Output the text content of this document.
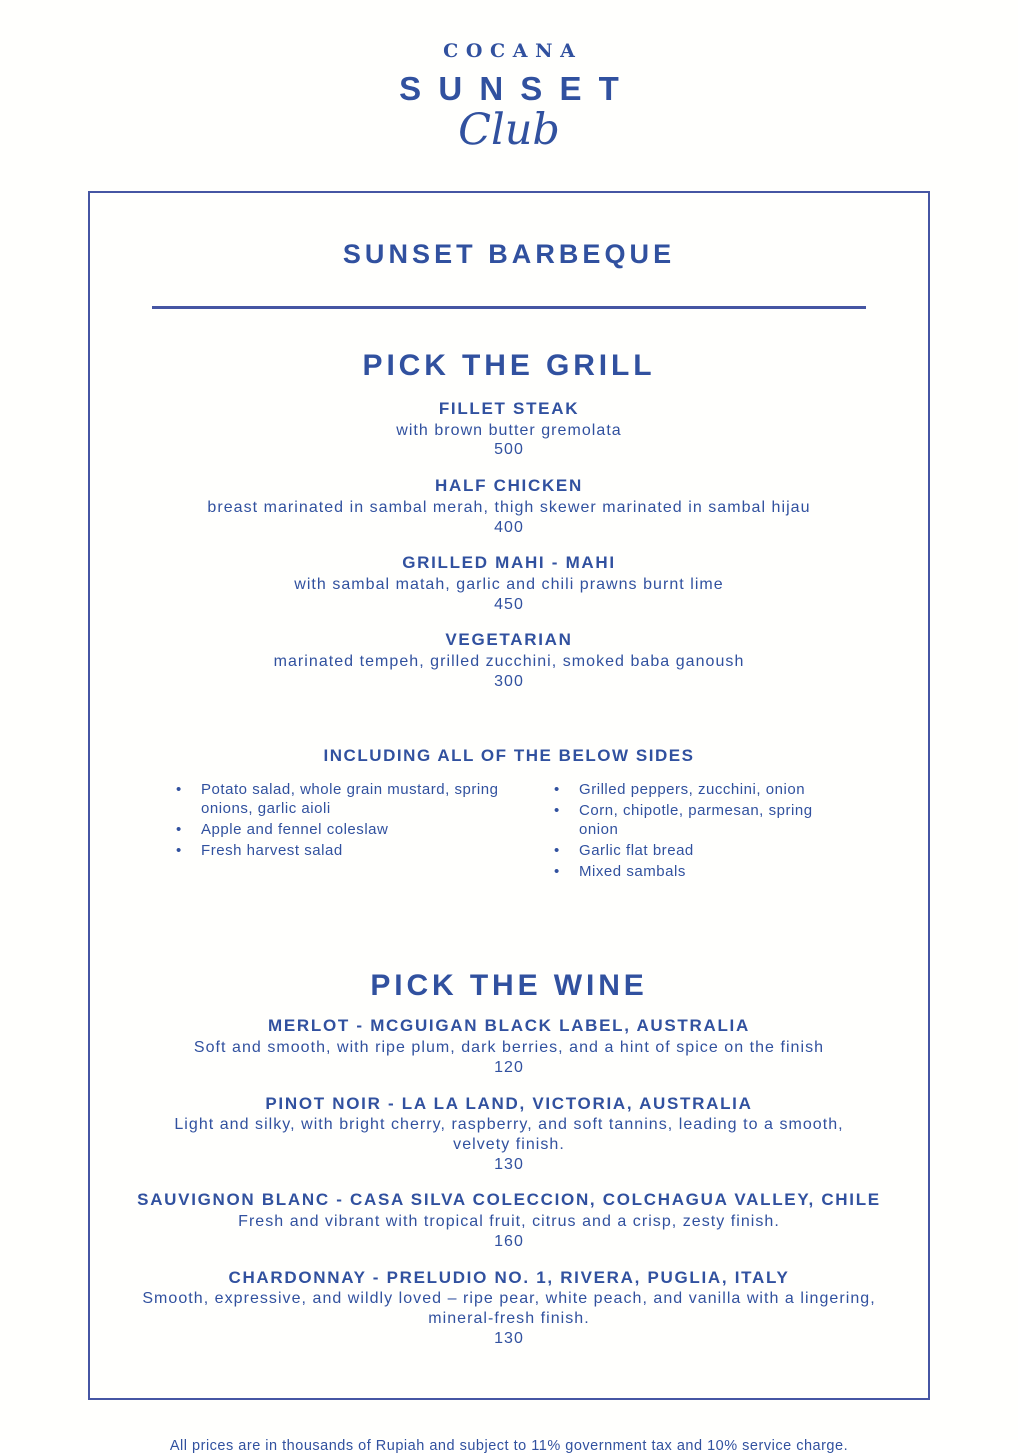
COCANA
SUNSET
Club
SUNSET BARBEQUE
PICK THE GRILL
FILLET STEAK
with brown butter gremolata
500
HALF CHICKEN
breast marinated in sambal merah, thigh skewer marinated in sambal hijau
400
GRILLED MAHI - MAHI
with sambal matah, garlic and chili prawns burnt lime
450
VEGETARIAN
marinated tempeh, grilled zucchini, smoked baba ganoush
300
INCLUDING ALL OF THE BELOW SIDES
• Potato salad, whole grain mustard, spring onions, garlic aioli
• Apple and fennel coleslaw
• Fresh harvest salad
• Grilled peppers, zucchini, onion
• Corn, chipotle, parmesan, spring onion
• Garlic flat bread
• Mixed sambals
PICK THE WINE
MERLOT - MCGUIGAN BLACK LABEL, AUSTRALIA
Soft and smooth, with ripe plum, dark berries, and a hint of spice on the finish
120
PINOT NOIR - LA LA LAND, VICTORIA, AUSTRALIA
Light and silky, with bright cherry, raspberry, and soft tannins, leading to a smooth, velvety finish.
130
SAUVIGNON BLANC - CASA SILVA COLECCION, COLCHAGUA VALLEY, CHILE
Fresh and vibrant with tropical fruit, citrus and a crisp, zesty finish.
160
CHARDONNAY - PRELUDIO NO. 1, RIVERA, PUGLIA, ITALY
Smooth, expressive, and wildly loved – ripe pear, white peach, and vanilla with a lingering, mineral-fresh finish.
130
All prices are in thousands of Rupiah and subject to 11% government tax and 10% service charge.
